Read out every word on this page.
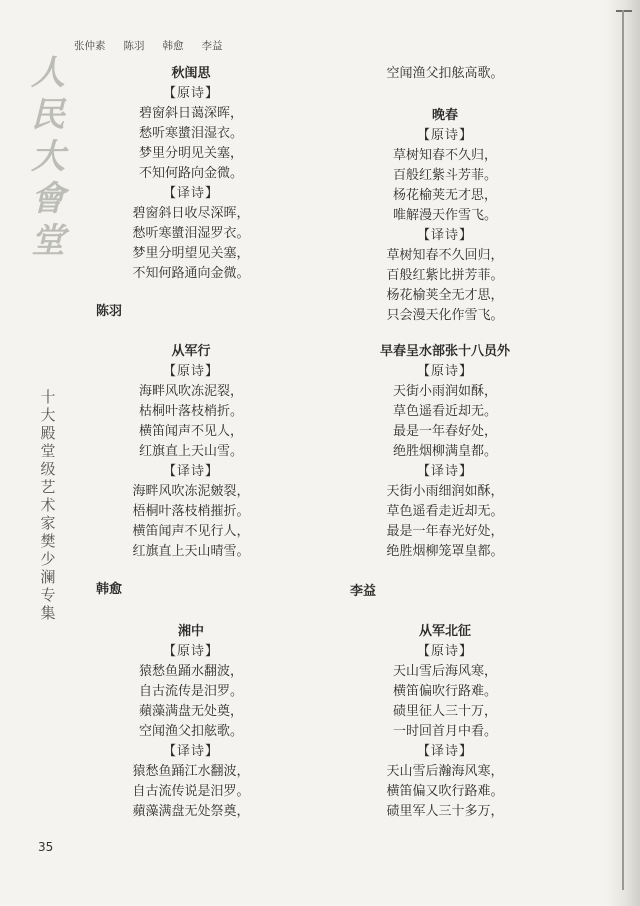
张仲素 陈羽 韩愈 李益
人
民
大
會
堂
十
大
殿
堂
级
艺
术
家
樊
少
澜
专
集
35
秋闺思
【原诗】
碧窗斜日蔼深晖，
愁听寒螿泪湿衣。
梦里分明见关塞，
不知何路向金微。
【译诗】
碧窗斜日收尽深晖，
愁听寒螿泪湿罗衣。
梦里分明望见关塞，
不知何路通向金微。
陈羽
从军行
【原诗】
海畔风吹冻泥裂，
枯桐叶落枝梢折。
横笛闻声不见人，
红旗直上天山雪。
【译诗】
海畔风吹冻泥皴裂，
梧桐叶落枝梢摧折。
横笛闻声不见行人，
红旗直上天山晴雪。
韩愈
湘中
【原诗】
猿愁鱼踊水翻波，
自古流传是汨罗。
蘋藻满盘无处奠，
空闻渔父扣舷歌。
【译诗】
猿愁鱼踊江水翻波，
自古流传说是汨罗。
蘋藻满盘无处祭奠，
空闻渔父扣舷高歌。
晚春
【原诗】
草树知春不久归，
百般红紫斗芳菲。
杨花榆荚无才思，
唯解漫天作雪飞。
【译诗】
草树知春不久回归，
百般红紫比拼芳菲。
杨花榆荚全无才思，
只会漫天化作雪飞。
早春呈水部张十八员外
【原诗】
天街小雨润如酥，
草色遥看近却无。
最是一年春好处，
绝胜烟柳满皇都。
【译诗】
天街小雨细润如酥，
草色遥看走近却无。
最是一年春光好处，
绝胜烟柳笼罩皇都。
李益
从军北征
【原诗】
天山雪后海风寒，
横笛偏吹行路难。
碛里征人三十万，
一时回首月中看。
【译诗】
天山雪后瀚海风寒，
横笛偏又吹行路难。
碛里军人三十多万，
